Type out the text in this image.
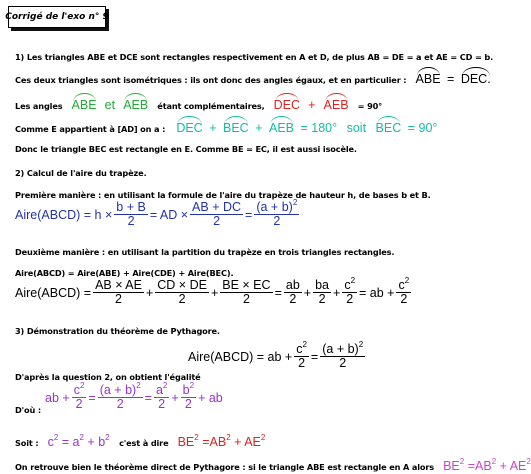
Corrigé de l'exo n° 9
1) Les triangles ABE et DCE sont rectangles respectivement en A et D, de plus AB = DE = a et AE = CD = b.
Ces deux triangles sont isométriques : ils ont donc des angles égaux, et en particulier : ABE = DEC.
Les angles ABE et AEB étant complémentaires, DEC + AEB = 90°
Comme E appartient à [AD] on a : DEC + BEC + AEB = 180° soit BEC = 90°
Donc le triangle BEC est rectangle en E. Comme BE = EC, il est aussi isocèle.
2) Calcul de l'aire du trapèze.
Première manière : en utilisant la formule de l'aire du trapèze de hauteur h, de bases b et B.
Aire(ABCD) = $h \times \frac{b + B}{2}$ = AD × $\frac{AB + DC}{2} = \frac{(a + b)^2}{2}$
Deuxième manière : en utilisant la partition du trapèze en trois triangles rectangles.
Aire(ABCD) = Aire(ABE) + Aire(CDE) + Aire(BEC).
Aire(ABCD) = $\frac{AB \times AE}{2} + \frac{CD \times DE}{2} + \frac{BE \times EC}{2} = \frac{ab}{2} + \frac{ba}{2} + \frac{c^2}{2}$ = ab + $\frac{c^2}{2}$
3) Démonstration du théorème de Pythagore.
Aire(ABCD) = ab + $\frac{c^2}{2} = \frac{(a + b)^2}{2}$
D'après la question 2, on obtient l'égalité
ab + $\frac{c^2}{2} = \frac{(a + b)^2}{2} = \frac{a^2}{2} + \frac{b^2}{2}$ + ab
D'où :
Soit : $c^2 = a^2 + b^2$ c'est à dire $BE^2 =AB^2 + AE^2$
On retrouve bien le théorème direct de Pythagore : si le triangle ABE est rectangle en A alors $BE^2 =AB^2 + AE^2$
